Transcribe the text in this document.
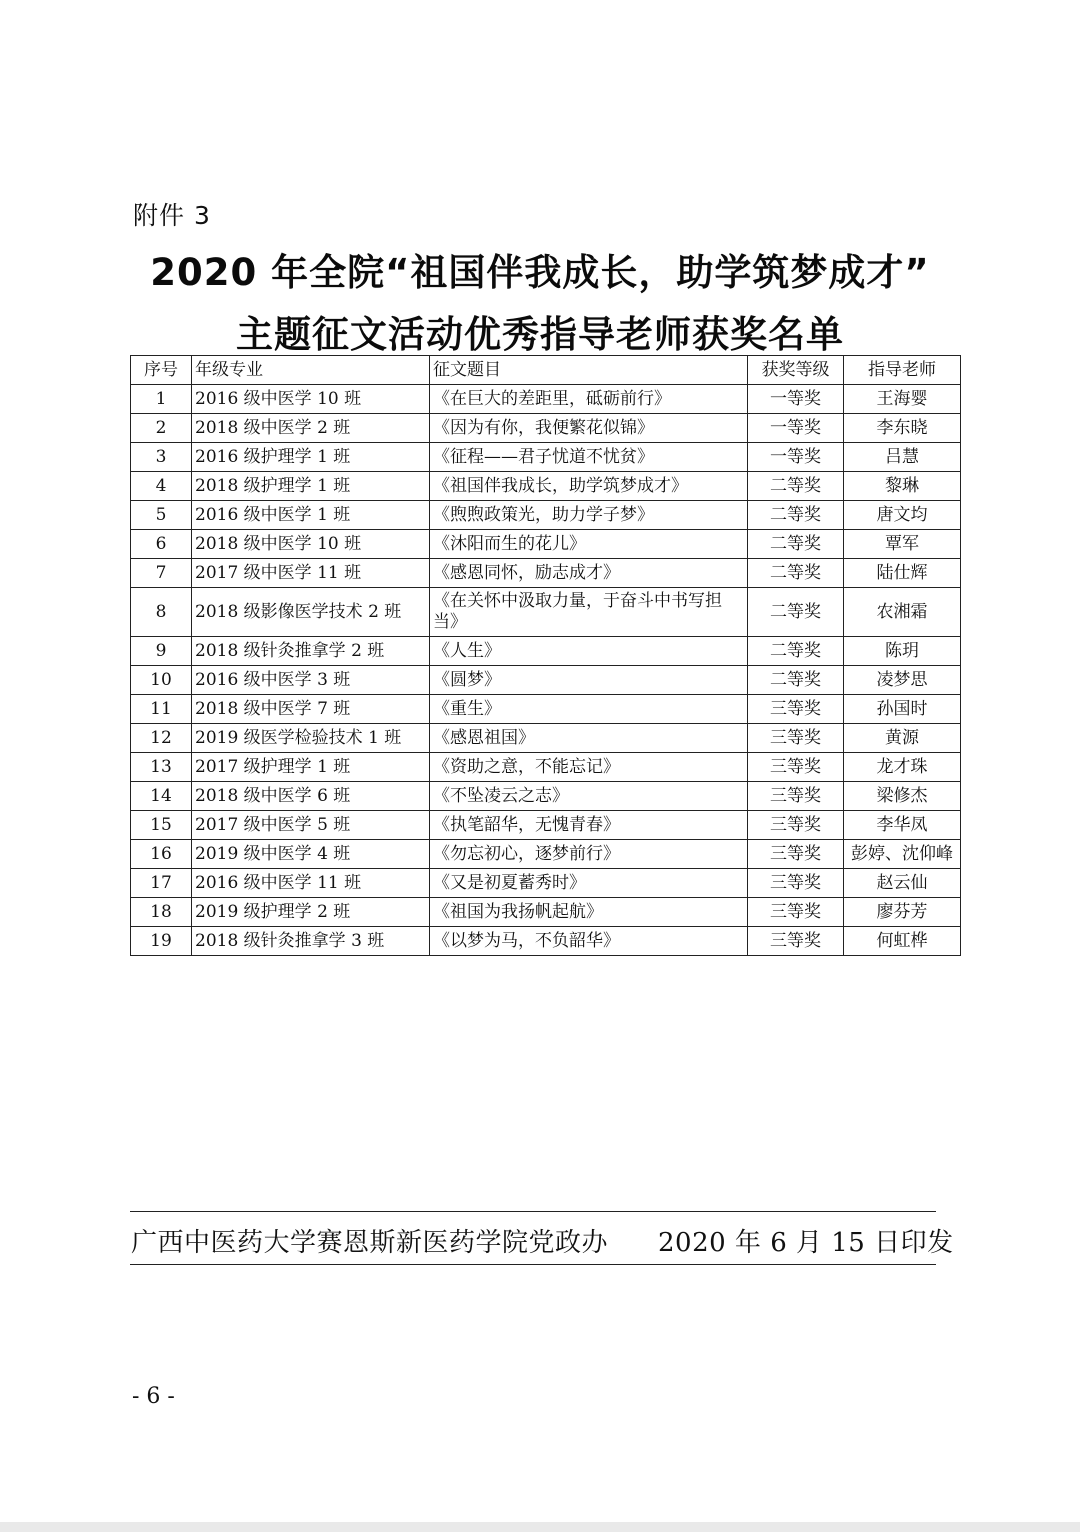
附件 3
2020 年全院“祖国伴我成长，助学筑梦成才”
主题征文活动优秀指导老师获奖名单
序号	年级专业	征文题目	获奖等级	指导老师
1	2016 级中医学 10 班	《在巨大的差距里，砥砺前行》	一等奖	王海婴
2	2018 级中医学 2 班	《因为有你，我便繁花似锦》	一等奖	李东晓
3	2016 级护理学 1 班	《征程——君子忧道不忧贫》	一等奖	吕慧
4	2018 级护理学 1 班	《祖国伴我成长，助学筑梦成才》	二等奖	黎琳
5	2016 级中医学 1 班	《煦煦政策光，助力学子梦》	二等奖	唐文均
6	2018 级中医学 10 班	《沐阳而生的花儿》	二等奖	覃军
7	2017 级中医学 11 班	《感恩同怀，励志成才》	二等奖	陆仕辉
8	2018 级影像医学技术 2 班	《在关怀中汲取力量，于奋斗中书写担当》	二等奖	农湘霜
9	2018 级针灸推拿学 2 班	《人生》	二等奖	陈玥
10	2016 级中医学 3 班	《圆梦》	二等奖	凌梦思
11	2018 级中医学 7 班	《重生》	三等奖	孙国时
12	2019 级医学检验技术 1 班	《感恩祖国》	三等奖	黄源
13	2017 级护理学 1 班	《资助之意，不能忘记》	三等奖	龙才珠
14	2018 级中医学 6 班	《不坠凌云之志》	三等奖	梁修杰
15	2017 级中医学 5 班	《执笔韶华，无愧青春》	三等奖	李华凤
16	2019 级中医学 4 班	《勿忘初心，逐梦前行》	三等奖	彭婷、沈仰峰
17	2016 级中医学 11 班	《又是初夏蓄秀时》	三等奖	赵云仙
18	2019 级护理学 2 班	《祖国为我扬帆起航》	三等奖	廖芬芳
19	2018 级针灸推拿学 3 班	《以梦为马，不负韶华》	三等奖	何虹桦
广西中医药大学赛恩斯新医药学院党政办 2020 年 6 月 15 日印发
- 6 -
